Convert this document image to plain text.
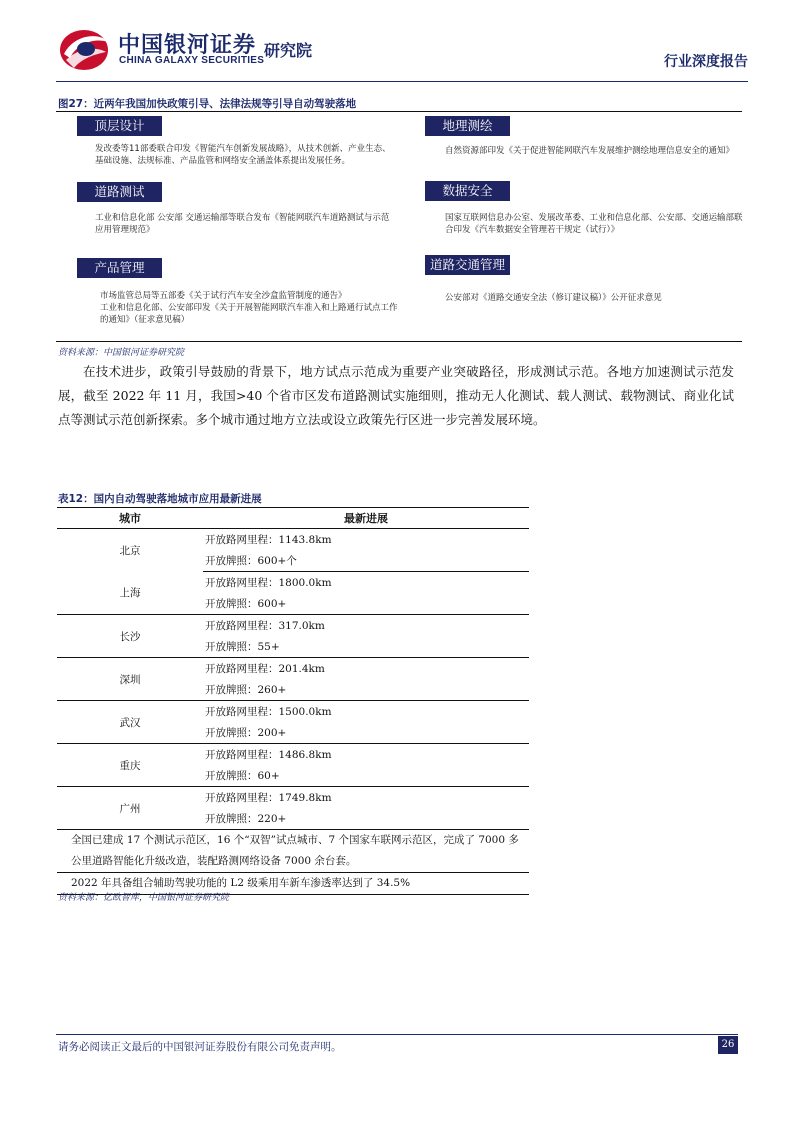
中国银河证券
CHINA GALAXY SECURITIES
研究院
行业深度报告
图27：近两年我国加快政策引导、法律法规等引导自动驾驶落地
顶层设计
发改委等11部委联合印发《智能汽车创新发展战略》，从技术创新、产业生态、基础设施、法规标准、产品监管和网络安全涵盖体系提出发展任务。
道路测试
工业和信息化部 公安部 交通运输部等联合发布《智能网联汽车道路测试与示范应用管理规范》
产品管理
市场监管总局等五部委《关于试行汽车安全沙盒监管制度的通告》
工业和信息化部、公安部印发《关于开展智能网联汽车准入和上路通行试点工作的通知》（征求意见稿）
地理测绘
自然资源部印发《关于促进智能网联汽车发展维护测绘地理信息安全的通知》
数据安全
国家互联网信息办公室、发展改革委、工业和信息化部、公安部、交通运输部联合印发《汽车数据安全管理若干规定（试行）》
道路交通管理
公安部对《道路交通安全法（修订建议稿）》公开征求意见
资料来源：中国银河证券研究院
在技术进步，政策引导鼓励的背景下，地方试点示范成为重要产业突破路径，形成测试示范。各地方加速测试示范发展，截至 2022 年 11 月，我国>40 个省市区发布道路测试实施细则，推动无人化测试、载人测试、载物测试、商业化试点等测试示范创新探索。多个城市通过地方立法或设立政策先行区进一步完善发展环境。
表12：国内自动驾驶落地城市应用最新进展
城市	最新进展
北京	开放路网里程：1143.8km
	开放牌照：600+个
上海	开放路网里程：1800.0km
	开放牌照：600+
长沙	开放路网里程：317.0km
	开放牌照：55+
深圳	开放路网里程：201.4km
	开放牌照：260+
武汉	开放路网里程：1500.0km
	开放牌照：200+
重庆	开放路网里程：1486.8km
	开放牌照：60+
广州	开放路网里程：1749.8km
	开放牌照：220+
全国已建成 17 个测试示范区，16 个“双智”试点城市、7 个国家车联网示范区，完成了 7000 多公里道路智能化升级改造，装配路测网络设备 7000 余台套。	
2022 年具备组合辅助驾驶功能的 L2 级乘用车新车渗透率达到了 34.5%	
资料来源：亿欧智库，中国银河证券研究院
请务必阅读正文最后的中国银河证券股份有限公司免责声明。	26
